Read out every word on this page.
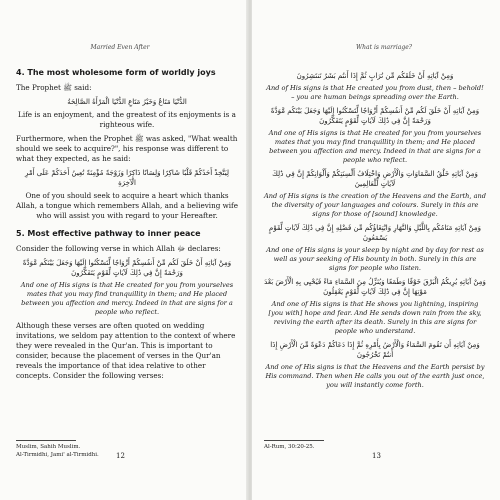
Married Even After
4. The most wholesome form of worldly joys

The Prophet ﷺ said:

الدُّنْيَا مَتَاعٌ وَخَيْرُ مَتَاعِ الدُّنْيَا الْمَرْأَةُ الصَّالِحَةُ

Life is an enjoyment, and the greatest of its enjoyments is a righteous wife.

Furthermore, when the Prophet ﷺ was asked, "What wealth should we seek to acquire?", his response was different to what they expected, as he said:

لِيَتَّخِذْ أَحَدُكُمْ قَلْبًا شَاكِرًا وَلِسَانًا ذَاكِرًا وَزَوْجَةً مُؤْمِنَةً تُعِينُ أَحَدَكُمْ عَلَى أَمْرِ الْآخِرَةِ

One of you should seek to acquire a heart which thanks Allah, a tongue which remembers Allah, and a believing wife who will assist you with regard to your Hereafter.

5. Most effective pathway to inner peace

Consider the following verse in which Allah ﷻ declares:

وَمِنْ آيَاتِهِ أَنْ خَلَقَ لَكُم مِّنْ أَنفُسِكُمْ أَزْوَاجًا لِّتَسْكُنُوا إِلَيْهَا وَجَعَلَ بَيْنَكُم مَّوَدَّةً وَرَحْمَةً إِنَّ فِي ذَٰلِكَ لَآيَاتٍ لِّقَوْمٍ يَتَفَكَّرُونَ

And one of His signs is that He created for you from yourselves mates that you may find tranquillity in them; and He placed between you affection and mercy. Indeed in that are signs for a people who reflect.

Although these verses are often quoted on wedding invitations, we seldom pay attention to the context of where they were revealed in the Qur'an. This is important to consider, because the placement of verses in the Qur'an reveals the importance of that idea relative to other concepts. Consider the following verses:

Muslim, Sahih Muslim.
Al-Tirmidhi, Jami' al-Tirmidhi. 12
What is marriage?
وَمِنْ آيَاتِهِ أَنْ خَلَقَكُم مِّن تُرَابٍ ثُمَّ إِذَا أَنتُم بَشَرٌ تَنتَشِرُونَ

And of His signs is that He created you from dust, then – behold! – you are human beings spreading over the Earth.

وَمِنْ آيَاتِهِ أَنْ خَلَقَ لَكُم مِّنْ أَنفُسِكُمْ أَزْوَاجًا لِّتَسْكُنُوا إِلَيْهَا وَجَعَلَ بَيْنَكُم مَّوَدَّةً وَرَحْمَةً إِنَّ فِي ذَٰلِكَ لَآيَاتٍ لِّقَوْمٍ يَتَفَكَّرُونَ

And one of His signs is that He created for you from yourselves mates that you may find tranquillity in them; and He placed between you affection and mercy. Indeed in that are signs for a people who reflect.

وَمِنْ آيَاتِهِ خَلْقُ السَّمَاوَاتِ وَالْأَرْضِ وَاخْتِلَافُ أَلْسِنَتِكُمْ وَأَلْوَانِكُمْ إِنَّ فِي ذَٰلِكَ لَآيَاتٍ لِّلْعَالِمِينَ

And of His signs is the creation of the Heavens and the Earth, and the diversity of your languages and colours. Surely in this are signs for those of [sound] knowledge.

وَمِنْ آيَاتِهِ مَنَامُكُم بِاللَّيْلِ وَالنَّهَارِ وَابْتِغَاؤُكُم مِّن فَضْلِهِ إِنَّ فِي ذَٰلِكَ لَآيَاتٍ لِّقَوْمٍ يَسْمَعُونَ

And one of His signs is your sleep by night and by day for rest as well as your seeking of His bounty in both. Surely in this are signs for people who listen.

وَمِنْ آيَاتِهِ يُرِيكُمُ الْبَرْقَ خَوْفًا وَطَمَعًا وَيُنَزِّلُ مِنَ السَّمَاءِ مَاءً فَيُحْيِي بِهِ الْأَرْضَ بَعْدَ مَوْتِهَا إِنَّ فِي ذَٰلِكَ لَآيَاتٍ لِّقَوْمٍ يَعْقِلُونَ

And one of His signs is that He shows you lightning, inspiring [you with] hope and fear. And He sends down rain from the sky, reviving the earth after its death. Surely in this are signs for people who understand.

وَمِنْ آيَاتِهِ أَن تَقُومَ السَّمَاءُ وَالْأَرْضُ بِأَمْرِهِ ثُمَّ إِذَا دَعَاكُمْ دَعْوَةً مِّنَ الْأَرْضِ إِذَا أَنتُمْ تَخْرُجُونَ

And one of His signs is that the Heavens and the Earth persist by His command. Then when He calls you out of the earth just once, you will instantly come forth.

Al-Rum, 30:20-25.
13
